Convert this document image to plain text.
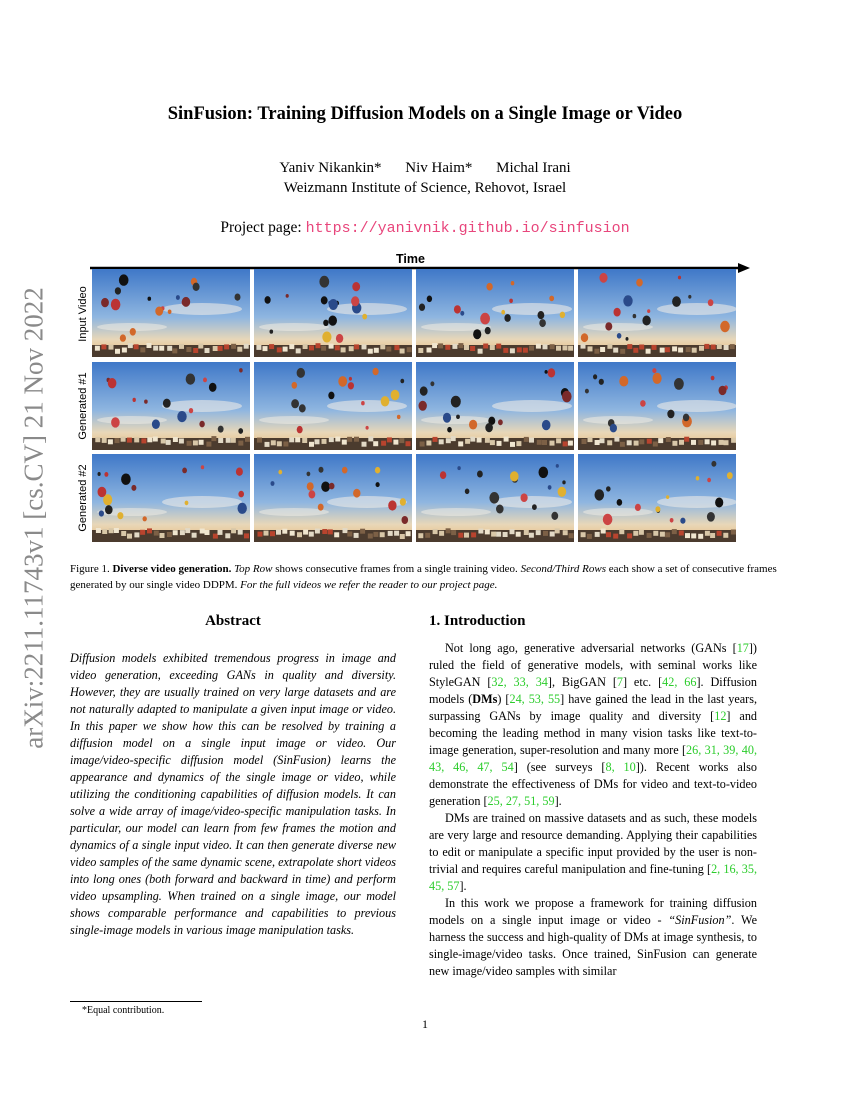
SinFusion: Training Diffusion Models on a Single Image or Video
Yaniv Nikankin* Niv Haim* Michal Irani
Weizmann Institute of Science, Rehovot, Israel
Project page: https://yanivnik.github.io/sinfusion
arXiv:2211.11743v1 [cs.CV] 21 Nov 2022
Time
Input Video
Generated #1
Generated #2
Figure 1. Diverse video generation. Top Row shows consecutive frames from a single training video. Second/Third Rows each show a set of consecutive frames generated by our single video DDPM. For the full videos we refer the reader to our project page.
Abstract
Diffusion models exhibited tremendous progress in image and video generation, exceeding GANs in quality and diversity. However, they are usually trained on very large datasets and are not naturally adapted to manipulate a given input image or video. In this paper we show how this can be resolved by training a diffusion model on a single input image or video. Our image/video-specific diffusion model (SinFusion) learns the appearance and dynamics of the single image or video, while utilizing the conditioning capabilities of diffusion models. It can solve a wide array of image/video-specific manipulation tasks. In particular, our model can learn from few frames the motion and dynamics of a single input video. It can then generate diverse new video samples of the same dynamic scene, extrapolate short videos into long ones (both forward and backward in time) and perform video upsampling. When trained on a single image, our model shows comparable performance and capabilities to previous single-image models in various image manipulation tasks.
*Equal contribution.
1. Introduction

Not long ago, generative adversarial networks (GANs [17]) ruled the field of generative models, with seminal works like StyleGAN [32, 33, 34], BigGAN [7] etc. [42, 66]. Diffusion models (DMs) [24, 53, 55] have gained the lead in the last years, surpassing GANs by image quality and diversity [12] and becoming the leading method in many vision tasks like text-to-image generation, super-resolution and many more [26, 31, 39, 40, 43, 46, 47, 54] (see surveys [8, 10]). Recent works also demonstrate the effectiveness of DMs for video and text-to-video generation [25, 27, 51, 59].

DMs are trained on massive datasets and as such, these models are very large and resource demanding. Applying their capabilities to edit or manipulate a specific input provided by the user is non-trivial and requires careful manipulation and fine-tuning [2, 16, 35, 45, 57].

In this work we propose a framework for training diffusion models on a single input image or video - “SinFusion”. We harness the success and high-quality of DMs at image synthesis, to single-image/video tasks. Once trained, SinFusion can generate new image/video samples with similar

1
